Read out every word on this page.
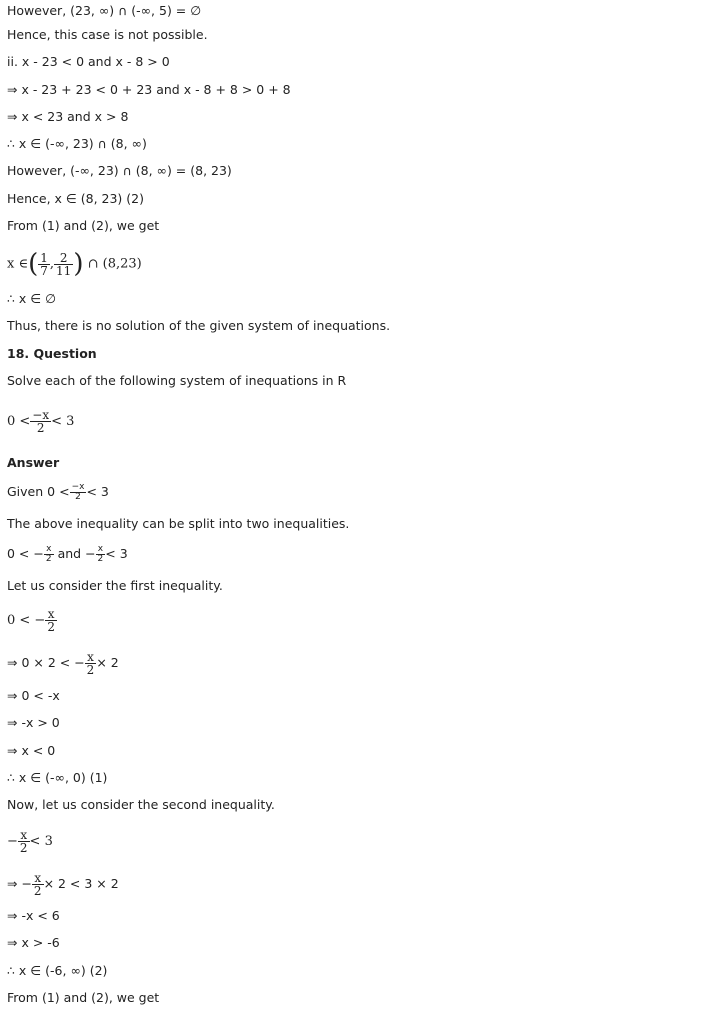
However, (23, ∞) ∩ (-∞, 5) = ∅
Hence, this case is not possible.
ii. x - 23 < 0 and x - 8 > 0
⇒ x - 23 + 23 < 0 + 23 and x - 8 + 8 > 0 + 8
⇒ x < 23 and x > 8
∴ x ∈ (-∞, 23) ∩ (8, ∞)
However, (-∞, 23) ∩ (8, ∞) = (8, 23)
Hence, x ∈ (8, 23) (2)
From (1) and (2), we get
x ∈( $\frac{1}{7}$ , $\frac{2}{11}$ ) ∩ (8,23)
∴ x ∈ ∅
Thus, there is no solution of the given system of inequations.
18. Question
Solve each of the following system of inequations in R
$0 < \frac{-x}{2} < 3$
Answer
Given $0 < \frac{-x}{2} < 3$
The above inequality can be split into two inequalities.
0 < − $\frac{x}{2}$ and − $\frac{x}{2} < 3$
Let us consider the first inequality.
0 < − $\frac{x}{2}$
⇒ 0 × 2 < − $\frac{x}{2} \times 2$
⇒ 0 < -x
⇒ -x > 0
⇒ x < 0
∴ x ∈ (-∞, 0) (1)
Now, let us consider the second inequality.
− $\frac{x}{2} < 3$
⇒ − $\frac{x}{2} \times 2 < 3 \times 2$
⇒ -x < 6
⇒ x > -6
∴ x ∈ (-6, ∞) (2)
From (1) and (2), we get
